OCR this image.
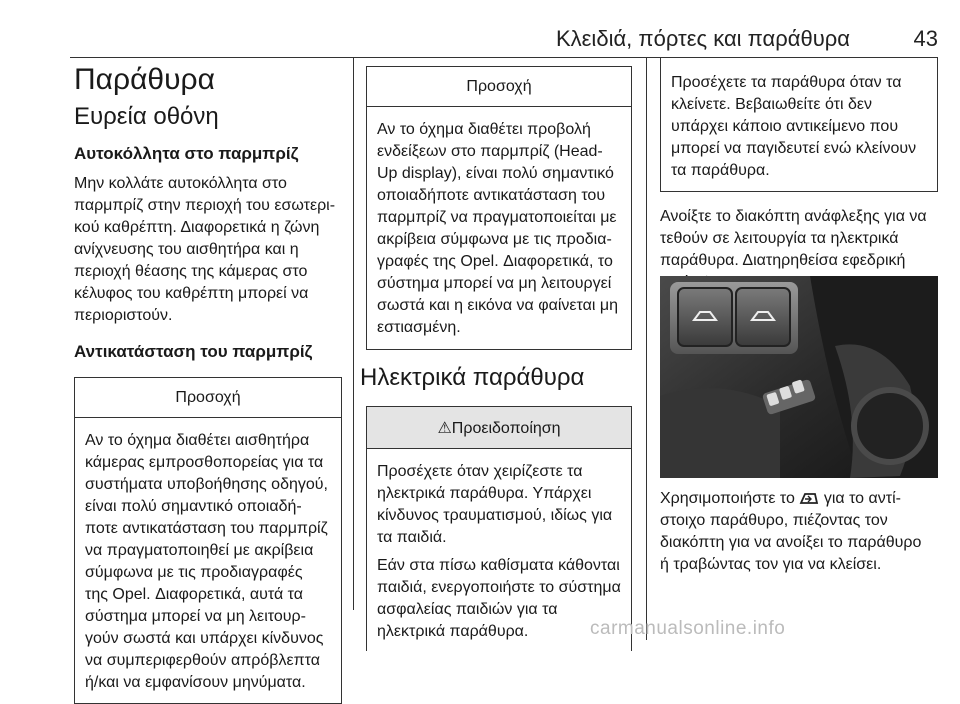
Κλειδιά, πόρτες και παράθυρα	43
Παράθυρα
Ευρεία οθόνη
Αυτοκόλλητα στο παρμπρίζ

Μην κολλάτε αυτοκόλλητα στο

παρμπρίζ στην περιοχή του εσωτερι-

κού καθρέπτη. Διαφορετικά η ζώνη

ανίχνευσης του αισθητήρα και η

περιοχή θέασης της κάμερας στο

κέλυφος του καθρέπτη μπορεί να

περιοριστούν.

Αντικατάσταση του παρμπρίζ
Προσοχή

Αν το όχημα διαθέτει αισθητήρα

κάμερας εμπροσθοπορείας για τα

συστήματα υποβοήθησης οδηγού,

είναι πολύ σημαντικό οποιαδή-

ποτε αντικατάσταση του παρμπρίζ

να πραγματοποιηθεί με ακρίβεια

σύμφωνα με τις προδιαγραφές

της Opel. Διαφορετικά, αυτά τα

σύστημα μπορεί να μη λειτουρ-

γούν σωστά και υπάρχει κίνδυνος

να συμπεριφερθούν απρόβλεπτα

ή/και να εμφανίσουν μηνύματα.

Προσοχή

Αν το όχημα διαθέτει προβολή

ενδείξεων στο παρμπρίζ (Head-

Up display), είναι πολύ σημαντικό

οποιαδήποτε αντικατάσταση του

παρμπρίζ να πραγματοποιείται με

ακρίβεια σύμφωνα με τις προδια-

γραφές της Opel. Διαφορετικά, το

σύστημα μπορεί να μη λειτουργεί

σωστά και η εικόνα να φαίνεται μη

εστιασμένη.

Ηλεκτρικά παράθυρα
⚠Προειδοποίηση

Προσέχετε όταν χειρίζεστε τα

ηλεκτρικά παράθυρα. Υπάρχει

κίνδυνος τραυματισμού, ιδίως για

τα παιδιά.

Εάν στα πίσω καθίσματα κάθονται

παιδιά, ενεργοποιήστε το σύστημα

ασφαλείας παιδιών για τα

ηλεκτρικά παράθυρα.

Προσέχετε τα παράθυρα όταν τα

κλείνετε. Βεβαιωθείτε ότι δεν

υπάρχει κάποιο αντικείμενο που

μπορεί να παγιδευτεί ενώ κλείνουν

τα παράθυρα.

Ανοίξτε το διακόπτη ανάφλεξης για να

τεθούν σε λειτουργία τα ηλεκτρικά

παράθυρα. Διατηρηθείσα εφεδρική

Χρησιμοποιήστε το για το αντί-

στοιχο παράθυρο, πιέζοντας τον

διακόπτη για να ανοίξει το παράθυρο

ή τραβώντας τον για να κλείσει.

carmanualsonline.info
